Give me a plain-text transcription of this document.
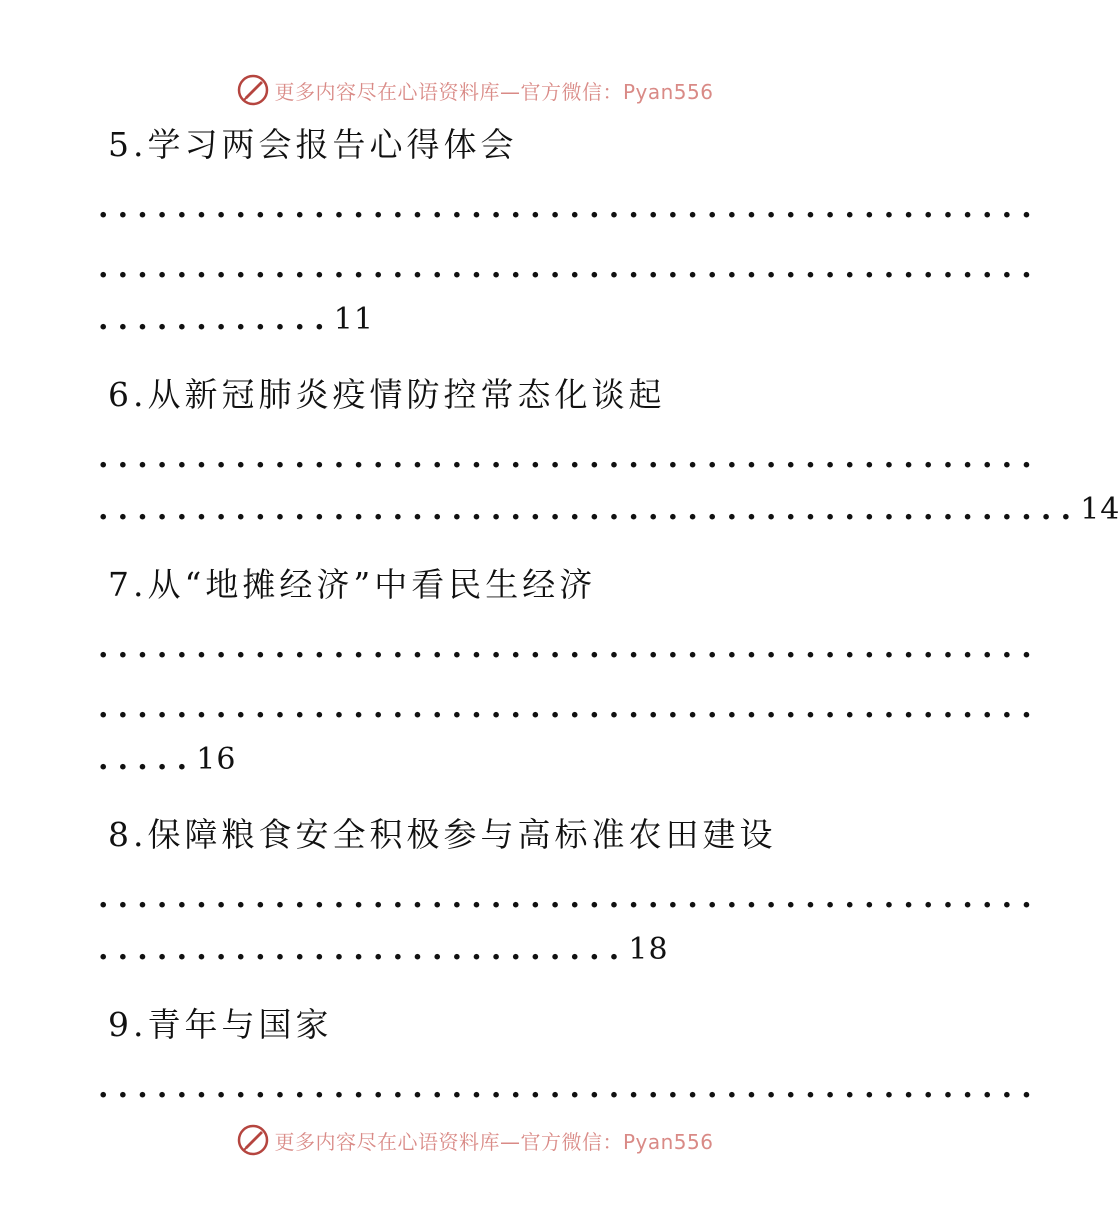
更多内容尽在心语资料库—官方微信：Pyan556
5.学习两会报告心得体会
................................................
................................................
............11
6.从新冠肺炎疫情防控常态化谈起
................................................
..................................................14
7.从“地摊经济”中看民生经济
................................................
................................................
.....16
8.保障粮食安全积极参与高标准农田建设
................................................
...........................18
9.青年与国家
................................................
更多内容尽在心语资料库—官方微信：Pyan556
